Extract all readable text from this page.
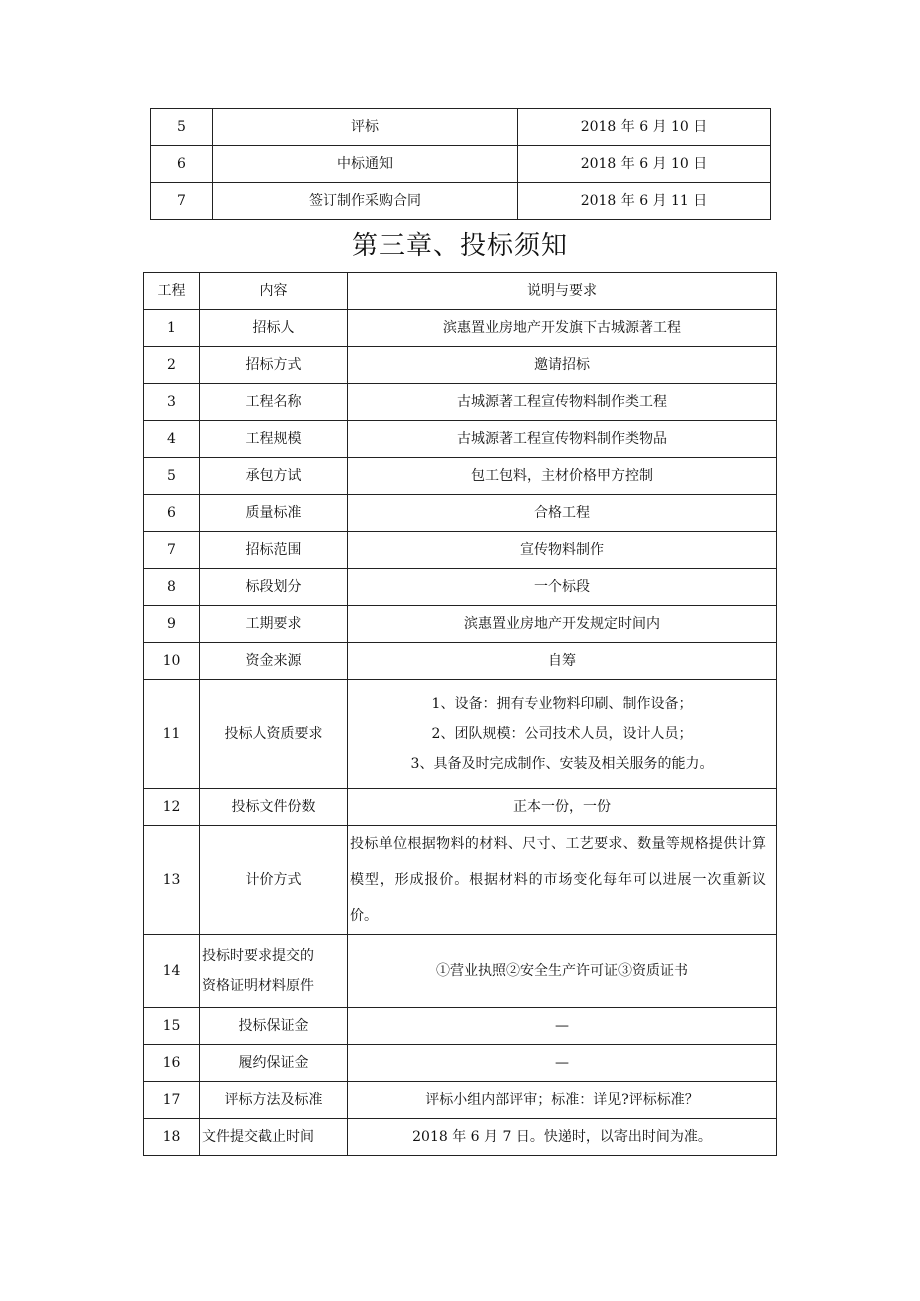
5	评标	2018 年 6 月 10 日
6	中标通知	2018 年 6 月 10 日
7	签订制作采购合同	2018 年 6 月 11 日
第三章、投标须知
工程	内容	说明与要求
1	招标人	滨惠置业房地产开发旗下古城源著工程
2	招标方式	邀请招标
3	工程名称	古城源著工程宣传物料制作类工程
4	工程规模	古城源著工程宣传物料制作类物品
5	承包方试	包工包料，主材价格甲方控制
6	质量标准	合格工程
7	招标范围	宣传物料制作
8	标段划分	一个标段
9	工期要求	滨惠置业房地产开发规定时间内
10	资金来源	自筹
11	投标人资质要求	1、设备：拥有专业物料印刷、制作设备；
2、团队规模：公司技术人员，设计人员；
3、具备及时完成制作、安装及相关服务的能力。

12	投标文件份数	正本一份，一份
13	计价方式	投标单位根据物料的材料、尺寸、工艺要求、数量等规格提供计算模型，形成报价。根据材料的市场变化每年可以进展一次重新议价。

14	投标时要求提交的
资格证明材料原件	①营业执照②安全生产许可证③资质证书
15	投标保证金	—
16	履约保证金	—
17	评标方法及标准	评标小组内部评审；标准：详见?评标标准？
18	文件提交截止时间	2018 年 6 月 7 日。快递时，以寄出时间为准。
